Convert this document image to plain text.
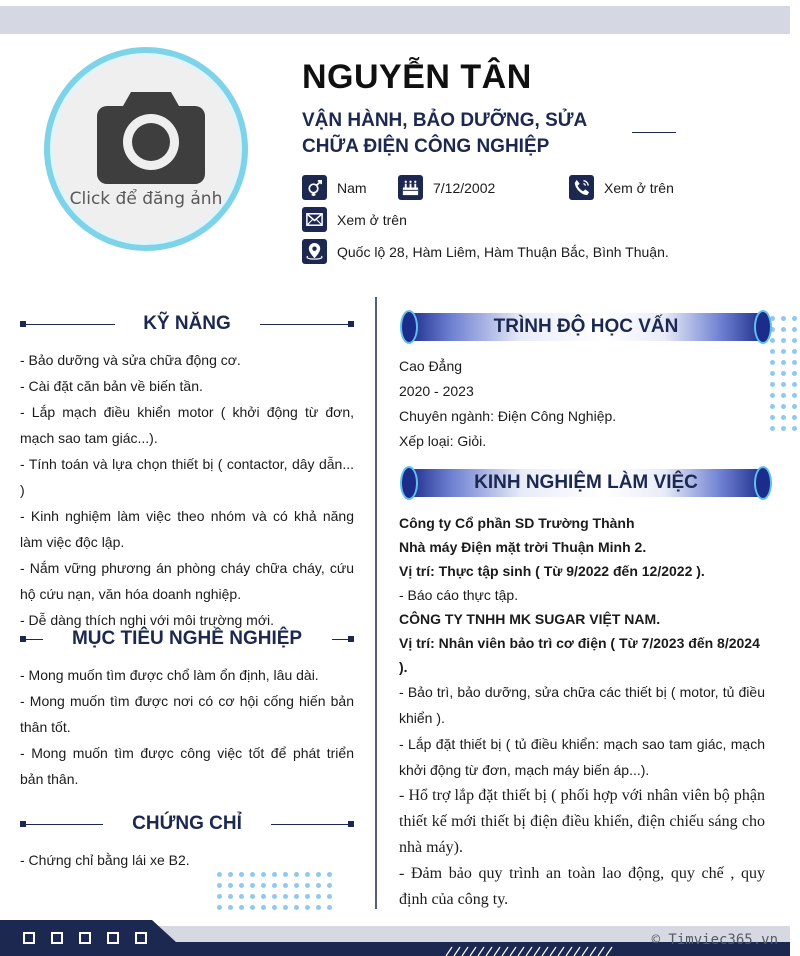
Click để đăng ảnh
NGUYỄN TÂN
VẬN HÀNH, BẢO DƯỠNG, SỬA
CHỮA ĐIỆN CÔNG NGHIỆP
Nam	7/12/2002	Xem ở trên
Xem ở trên
Quốc lộ 28, Hàm Liêm, Hàm Thuận Bắc, Bình Thuận.
KỸ NĂNG

- Bảo dưỡng và sửa chữa động cơ.

- Cài đặt căn bản về biến tần.

- Lắp mạch điều khiển motor ( khởi động từ đơn, mạch sao tam giác...).

- Tính toán và lựa chọn thiết bị ( contactor, dây dẫn... )

- Kinh nghiệm làm việc theo nhóm và có khả năng làm việc độc lập.

- Nắm vững phương án phòng cháy chữa cháy, cứu hộ cứu nạn, văn hóa doanh nghiệp.

- Dễ dàng thích nghi với môi trường mới.

MỤC TIÊU NGHỀ NGHIỆP

- Mong muốn tìm được chổ làm ổn định, lâu dài.

- Mong muốn tìm được nơi có cơ hội cống hiến bản thân tốt.

- Mong muốn tìm được công việc tốt để phát triển bản thân.

CHỨNG CHỈ

- Chứng chỉ bằng lái xe B2.

TRÌNH ĐỘ HỌC VẤN

Cao Đẳng

2020 - 2023

Chuyên ngành: Điện Công Nghiệp.

Xếp loại: Giỏi.

KINH NGHIỆM LÀM VIỆC

Công ty Cổ phần SD Trường Thành

Nhà máy Điện mặt trời Thuận Minh 2.

Vị trí: Thực tập sinh ( Từ 9/2022 đến 12/2022 ).

- Báo cáo thực tập.

CÔNG TY TNHH MK SUGAR VIỆT NAM.

Vị trí: Nhân viên bảo trì cơ điện ( Từ 7/2023 đến 8/2024 ).

- Bảo trì, bảo dưỡng, sửa chữa các thiết bị ( motor, tủ điều khiển ).

- Lắp đặt thiết bị ( tủ điều khiển: mạch sao tam giác, mạch khởi động từ đơn, mạch máy biến áp...).

- Hổ trợ lắp đặt thiết bị ( phối hợp với nhân viên bộ phận thiết kế mới thiết bị điện điều khiển, điện chiếu sáng cho nhà máy).

- Đảm bảo quy trình an toàn lao động, quy chế , quy định của công ty.

© Timviec365.vn
